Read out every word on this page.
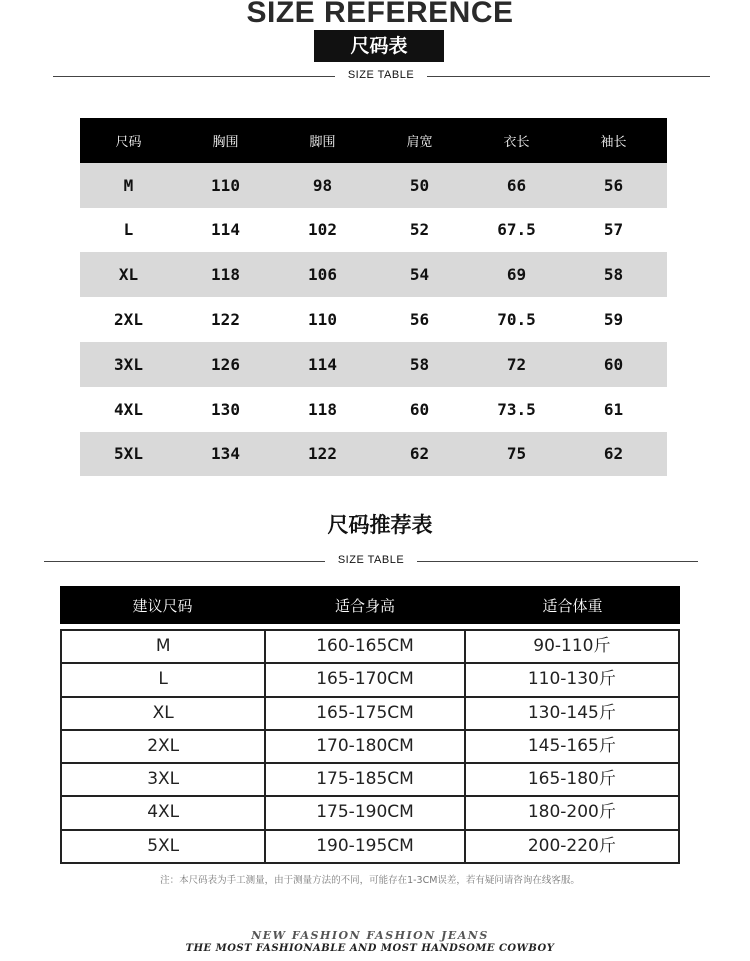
SIZE REFERENCE
尺码表
SIZE TABLE
尺码	胸围	脚围	肩宽	衣长	袖长
M	110	98	50	66	56
L	114	102	52	67.5	57
XL	118	106	54	69	58
2XL	122	110	56	70.5	59
3XL	126	114	58	72	60
4XL	130	118	60	73.5	61
5XL	134	122	62	75	62
尺码推荐表
SIZE TABLE
建议尺码	适合身高	适合体重
M	160-165CM	90-110斤
L	165-170CM	110-130斤
XL	165-175CM	130-145斤
2XL	170-180CM	145-165斤
3XL	175-185CM	165-180斤
4XL	175-190CM	180-200斤
5XL	190-195CM	200-220斤
注：本尺码表为手工测量，由于测量方法的不同，可能存在1-3CM误差，若有疑问请咨询在线客服。
NEW FASHION FASHION JEANS
THE MOST FASHIONABLE AND MOST HANDSOME COWBOY
